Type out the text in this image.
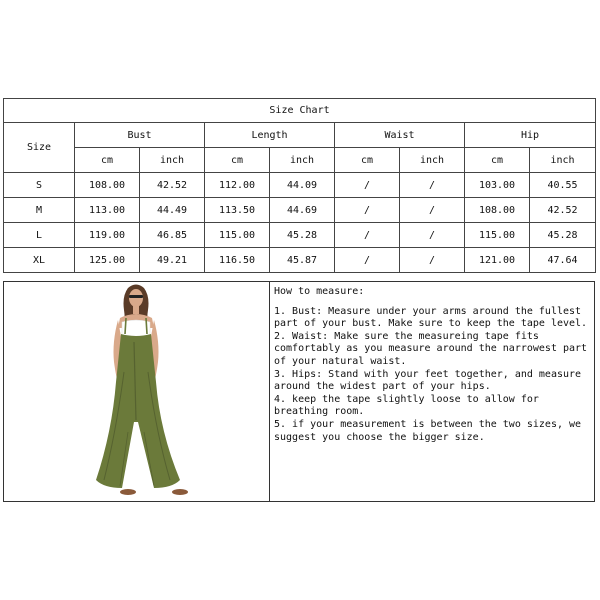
Size Chart								
Size	Bust		Length		Waist		Hip	
	cm	inch	cm	inch	cm	inch	cm	inch
S	108.00	42.52	112.00	44.09	/	/	103.00	40.55
M	113.00	44.49	113.50	44.69	/	/	108.00	42.52
L	119.00	46.85	115.00	45.28	/	/	115.00	45.28
XL	125.00	49.21	116.50	45.87	/	/	121.00	47.64
How to measure:
1. Bust: Measure under your arms around the fullest part of your bust. Make sure to keep the tape level.
2. Waist: Make sure the measureing tape fits comfortably as you measure around the narrowest part of your natural waist.
3. Hips: Stand with your feet together, and measure around the widest part of your hips.
4. keep the tape slightly loose to allow for breathing room.
5. if your measurement is between the two sizes, we suggest you choose the bigger size.
